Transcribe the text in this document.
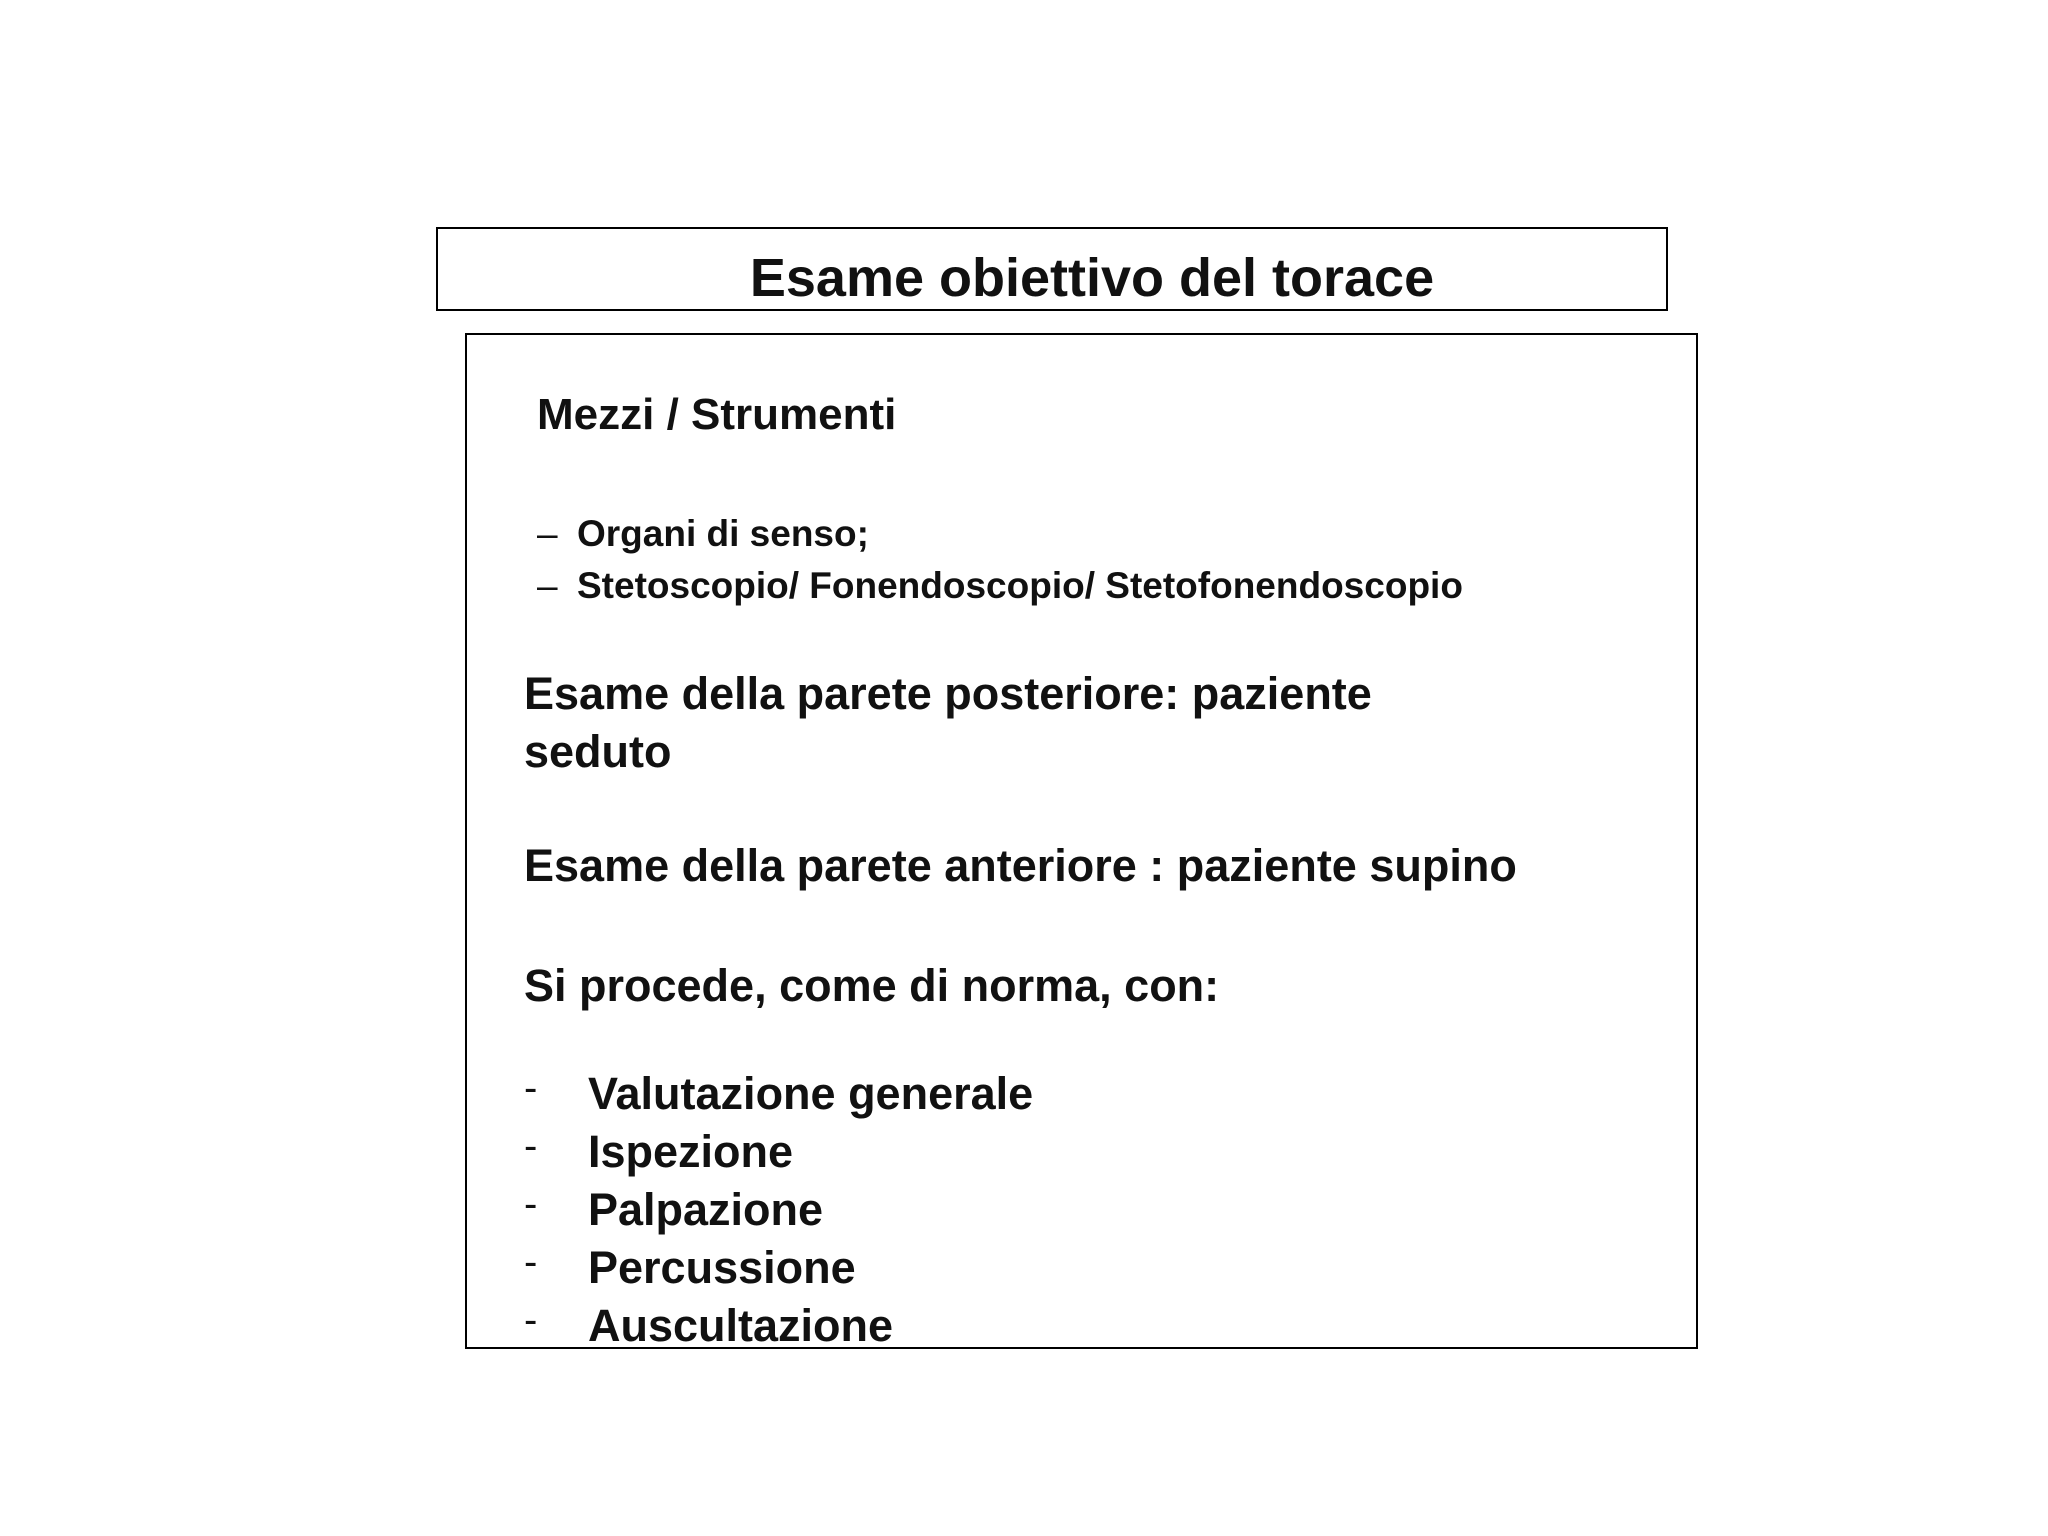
Esame obiettivo del torace
Mezzi / Strumenti
– Organi di senso;
– Stetoscopio/ Fonendoscopio/ Stetofonendoscopio
Esame della parete posteriore: paziente seduto
Esame della parete anteriore : paziente supino
Si procede, come di norma, con:
- Valutazione generale
- Ispezione
- Palpazione
- Percussione
- Auscultazione
